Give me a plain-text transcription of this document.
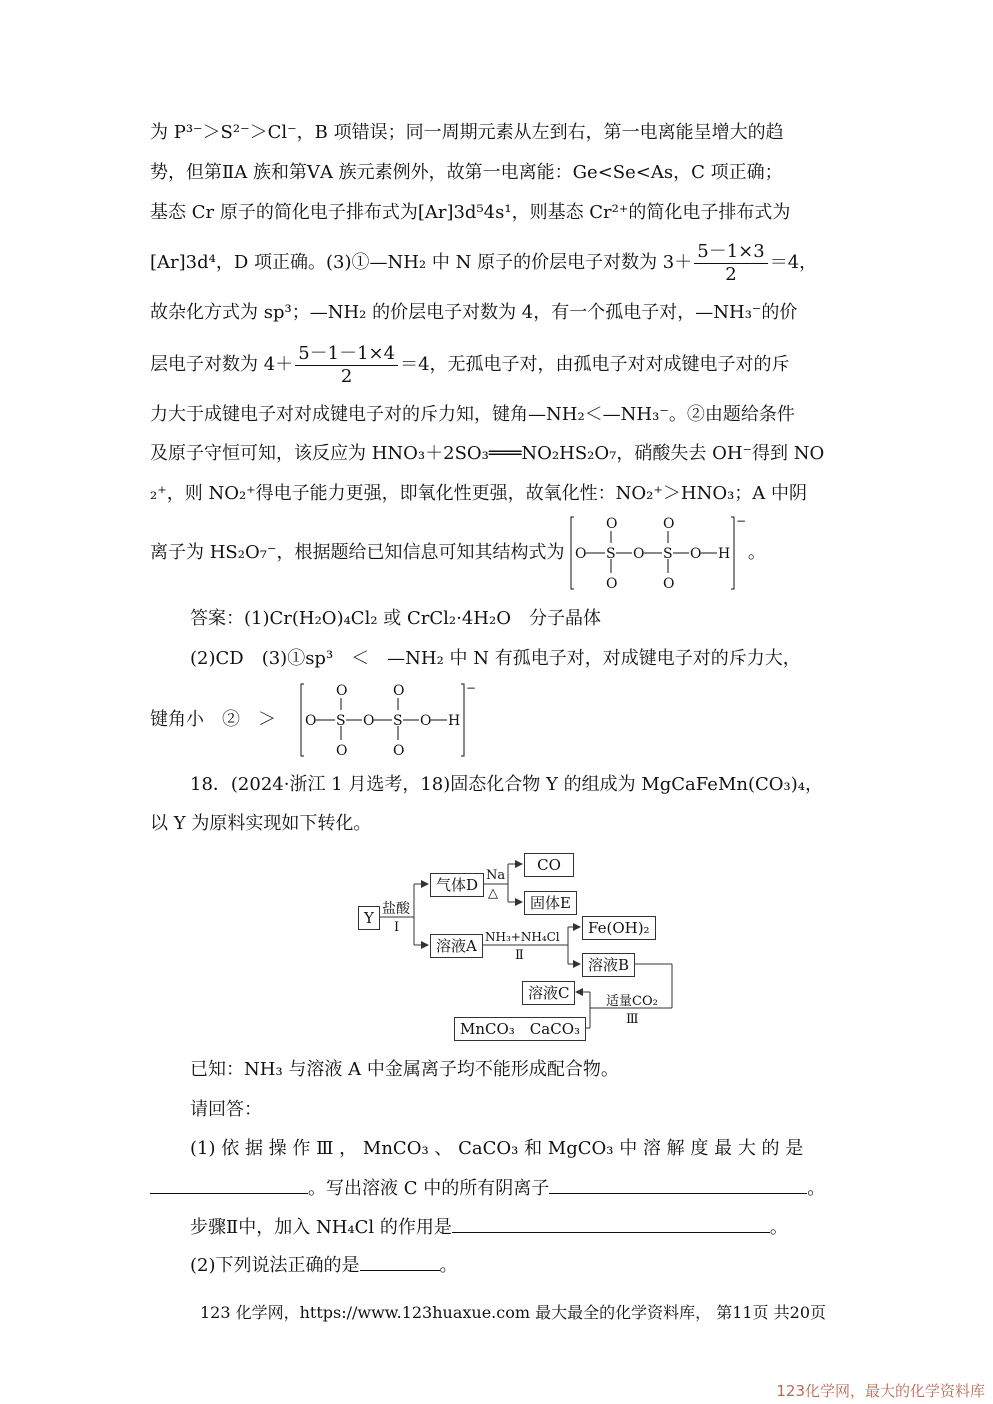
为 P³⁻＞S²⁻＞Cl⁻，B 项错误；同一周期元素从左到右，第一电离能呈增大的趋
势，但第ⅡA 族和第ⅤA 族元素例外，故第一电离能：Ge<Se<As，C 项正确；
基态 Cr 原子的简化电子排布式为[Ar]3d⁵4s¹，则基态 Cr²⁺的简化电子排布式为
[Ar]3d⁴，D 项正确。(3)①—NH₂ 中 N 原子的价层电子对数为 $3+ \frac{5-1\times 3}{2} =4$，
故杂化方式为 sp³；—NH₂ 的价层电子对数为 4，有一个孤电子对，—NH₃⁻的价
层电子对数为 $4+ \frac{5-1-1\times 4}{2} =4$，无孤电子对，由孤电子对对成键电子对的斥
力大于成键电子对对成键电子对的斥力知，键角—NH₂＜—NH₃⁻。②由题给条件
及原子守恒可知，该反应为 HNO₃＋2SO₃═══NO₂HS₂O₇，硝酸失去 OH⁻得到 NO
₂⁺，则 NO₂⁺得电子能力更强，即氧化性更强，故氧化性：NO₂⁺＞HNO₃；A 中阴
离子为 HS₂O₇⁻，根据题给已知信息可知其结构式为 O S O S O H
O
O
O
O
−
。
答案：(1)Cr(H₂O)₄Cl₂ 或 CrCl₂·4H₂O　分子晶体
(2)CD　(3)①sp³　＜　—NH₂ 中 N 有孤电子对，对成键电子对的斥力大，
键角小　②　＞ O S O S O H
O
O
O
O
−
18．(2024·浙江 1 月选考，18)固态化合物 Y 的组成为 MgCaFeMn(CO₃)₄，
以 Y 为原料实现如下转化。
Y 盐酸
Ⅰ
气体D
Na
△
CO
固体E
溶液A NH₃+NH₄Cl
Ⅱ
Fe(OH)₂
溶液B
适量CO₂
Ⅲ
溶液C
MnCO₃　CaCO₃
已知：NH₃ 与溶液 A 中金属离子均不能形成配合物。
请回答：
(1) 依 据 操 作 Ⅲ ， MnCO₃ 、 CaCO₃ 和 MgCO₃ 中 溶 解 度 最 大 的 是
。写出溶液 C 中的所有阴离子	。
步骤Ⅱ中，加入 NH₄Cl 的作用是	。
(2)下列说法正确的是	。
123 化学网，https://www.123huaxue.com 最大最全的化学资料库， 第11页 共20页
123化学网，最大的化学资料库
